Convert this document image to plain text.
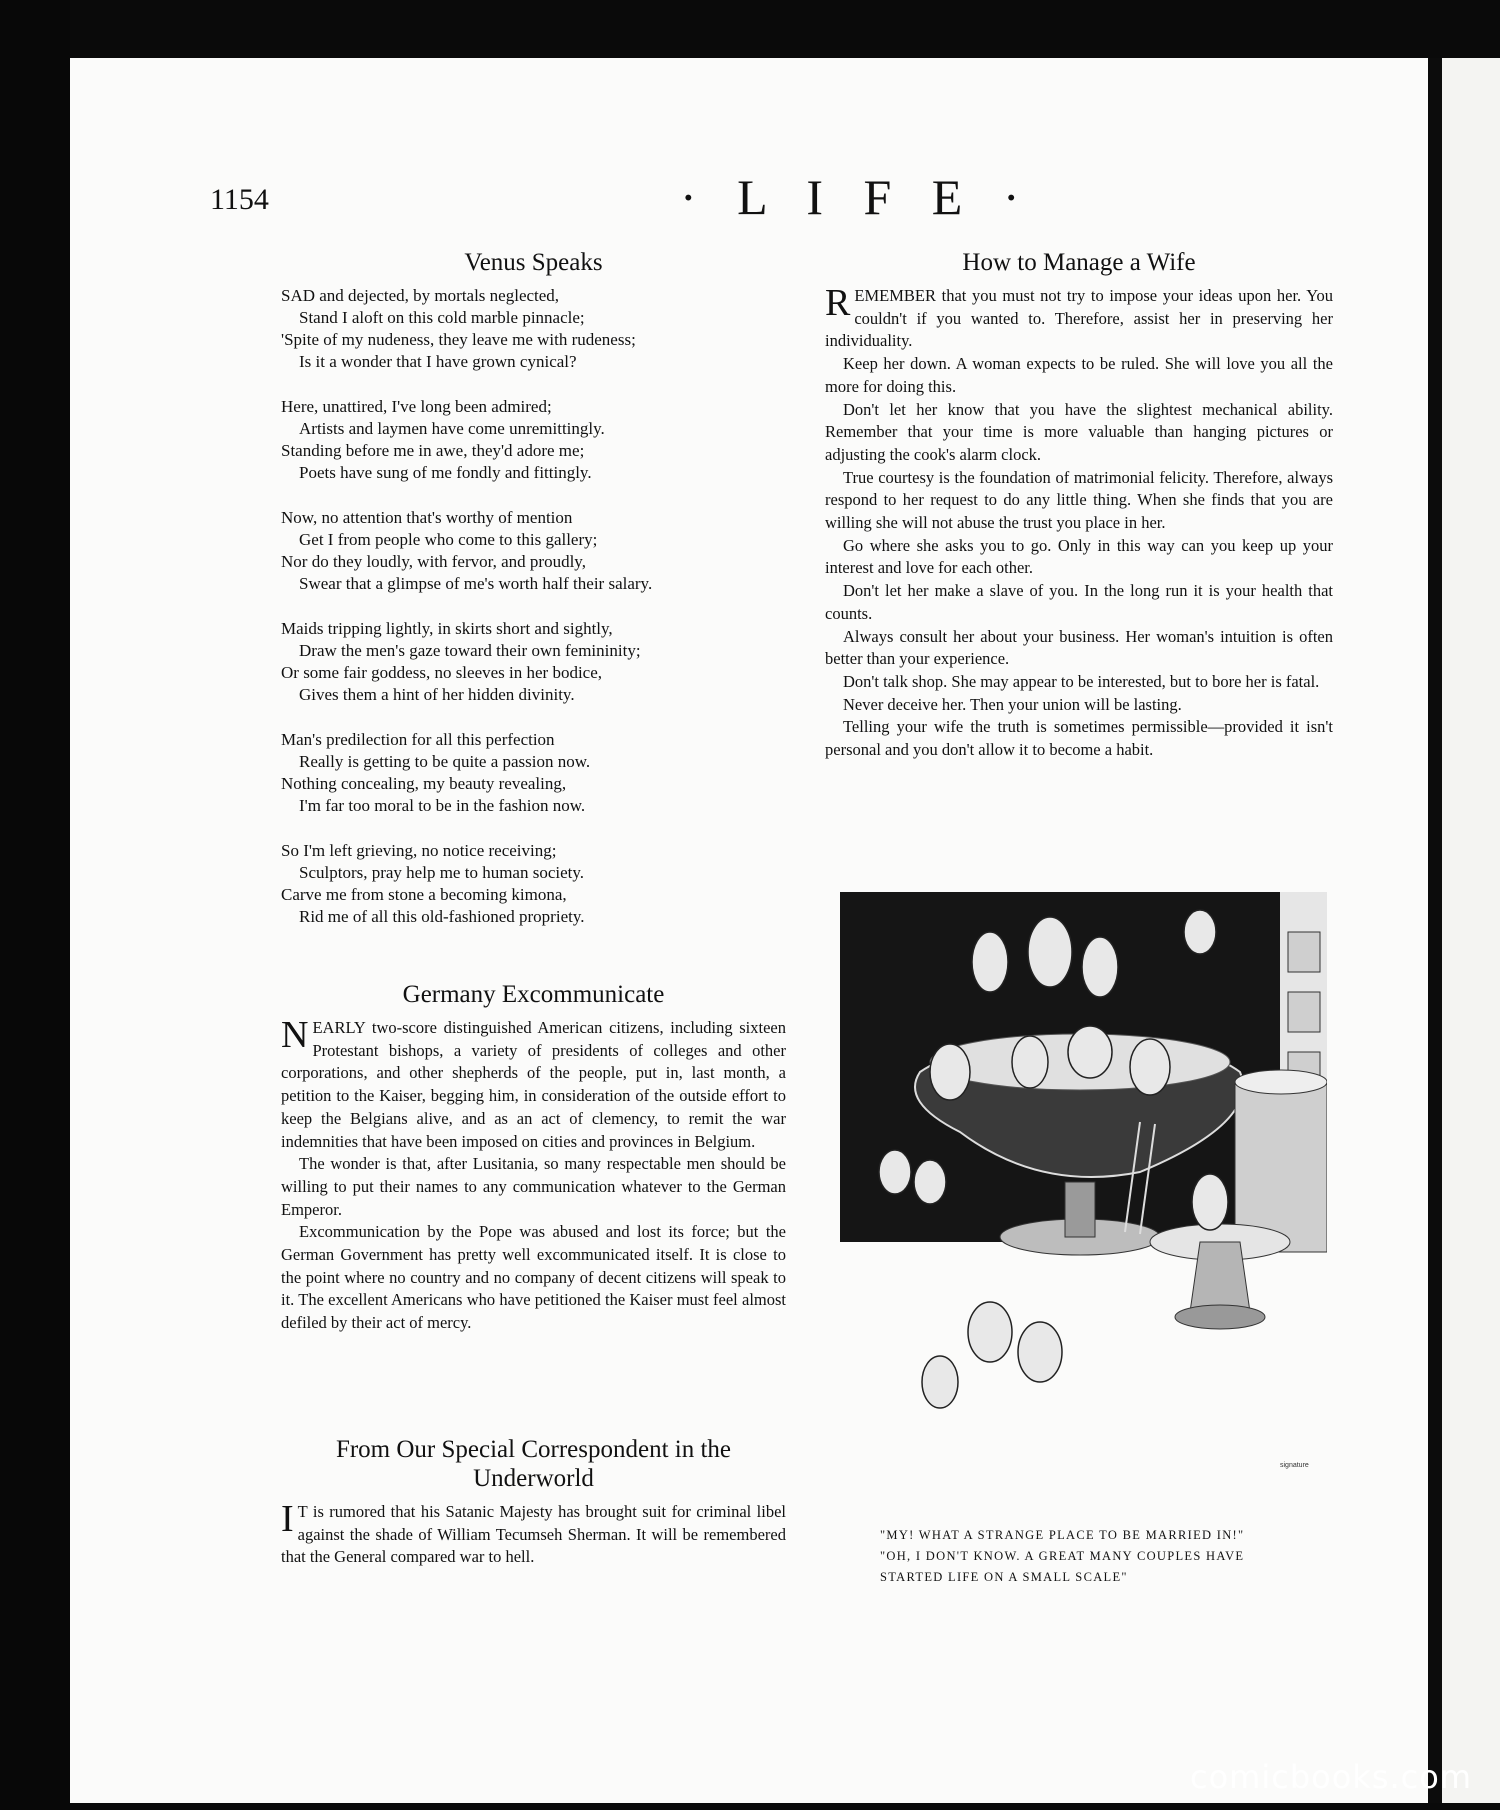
1154	· L I F E ·
Venus Speaks

SAD and dejected, by mortals neglected,

Stand I aloft on this cold marble pinnacle;

'Spite of my nudeness, they leave me with rudeness;

Is it a wonder that I have grown cynical?

Here, unattired, I've long been admired;

Artists and laymen have come unremittingly.

Standing before me in awe, they'd adore me;

Poets have sung of me fondly and fittingly.

Now, no attention that's worthy of mention

Get I from people who come to this gallery;

Nor do they loudly, with fervor, and proudly,

Swear that a glimpse of me's worth half their salary.

Maids tripping lightly, in skirts short and sightly,

Draw the men's gaze toward their own femininity;

Or some fair goddess, no sleeves in her bodice,

Gives them a hint of her hidden divinity.

Man's predilection for all this perfection

Really is getting to be quite a passion now.

Nothing concealing, my beauty revealing,

I'm far too moral to be in the fashion now.

So I'm left grieving, no notice receiving;

Sculptors, pray help me to human society.

Carve me from stone a becoming kimona,

Rid me of all this old-fashioned propriety.

Germany Excommunicate

NEARLY two-score distinguished American citizens, including sixteen Protestant bishops, a variety of presidents of colleges and other corporations, and other shepherds of the people, put in, last month, a petition to the Kaiser, begging him, in consideration of the outside effort to keep the Belgians alive, and as an act of clemency, to remit the war indemnities that have been imposed on cities and provinces in Belgium.

The wonder is that, after Lusitania, so many respectable men should be willing to put their names to any communication whatever to the German Emperor.

Excommunication by the Pope was abused and lost its force; but the German Government has pretty well excommunicated itself. It is close to the point where no country and no company of decent citizens will speak to it. The excellent Americans who have petitioned the Kaiser must feel almost defiled by their act of mercy.

From Our Special Correspondent in the Underworld

I T is rumored that his Satanic Majesty has brought suit for criminal libel against the shade of William Tecumseh Sherman. It will be remembered that the General compared war to hell.

How to Manage a Wife

REMEMBER that you must not try to impose your ideas upon her. You couldn't if you wanted to. Therefore, assist her in preserving her individuality.

Keep her down. A woman expects to be ruled. She will love you all the more for doing this.

Don't let her know that you have the slightest mechanical ability. Remember that your time is more valuable than hanging pictures or adjusting the cook's alarm clock.

True courtesy is the foundation of matrimonial felicity. Therefore, always respond to her request to do any little thing. When she finds that you are willing she will not abuse the trust you place in her.

Go where she asks you to go. Only in this way can you keep up your interest and love for each other.

Don't let her make a slave of you. In the long run it is your health that counts.

Always consult her about your business. Her woman's intuition is often better than your experience.

Don't talk shop. She may appear to be interested, but to bore her is fatal.

Never deceive her. Then your union will be lasting.

Telling your wife the truth is sometimes permissible—provided it isn't personal and you don't allow it to become a habit.

signature

"MY! WHAT A STRANGE PLACE TO BE MARRIED IN!"

"OH, I DON'T KNOW. A GREAT MANY COUPLES HAVE

STARTED LIFE ON A SMALL SCALE"

comicbooks.com
